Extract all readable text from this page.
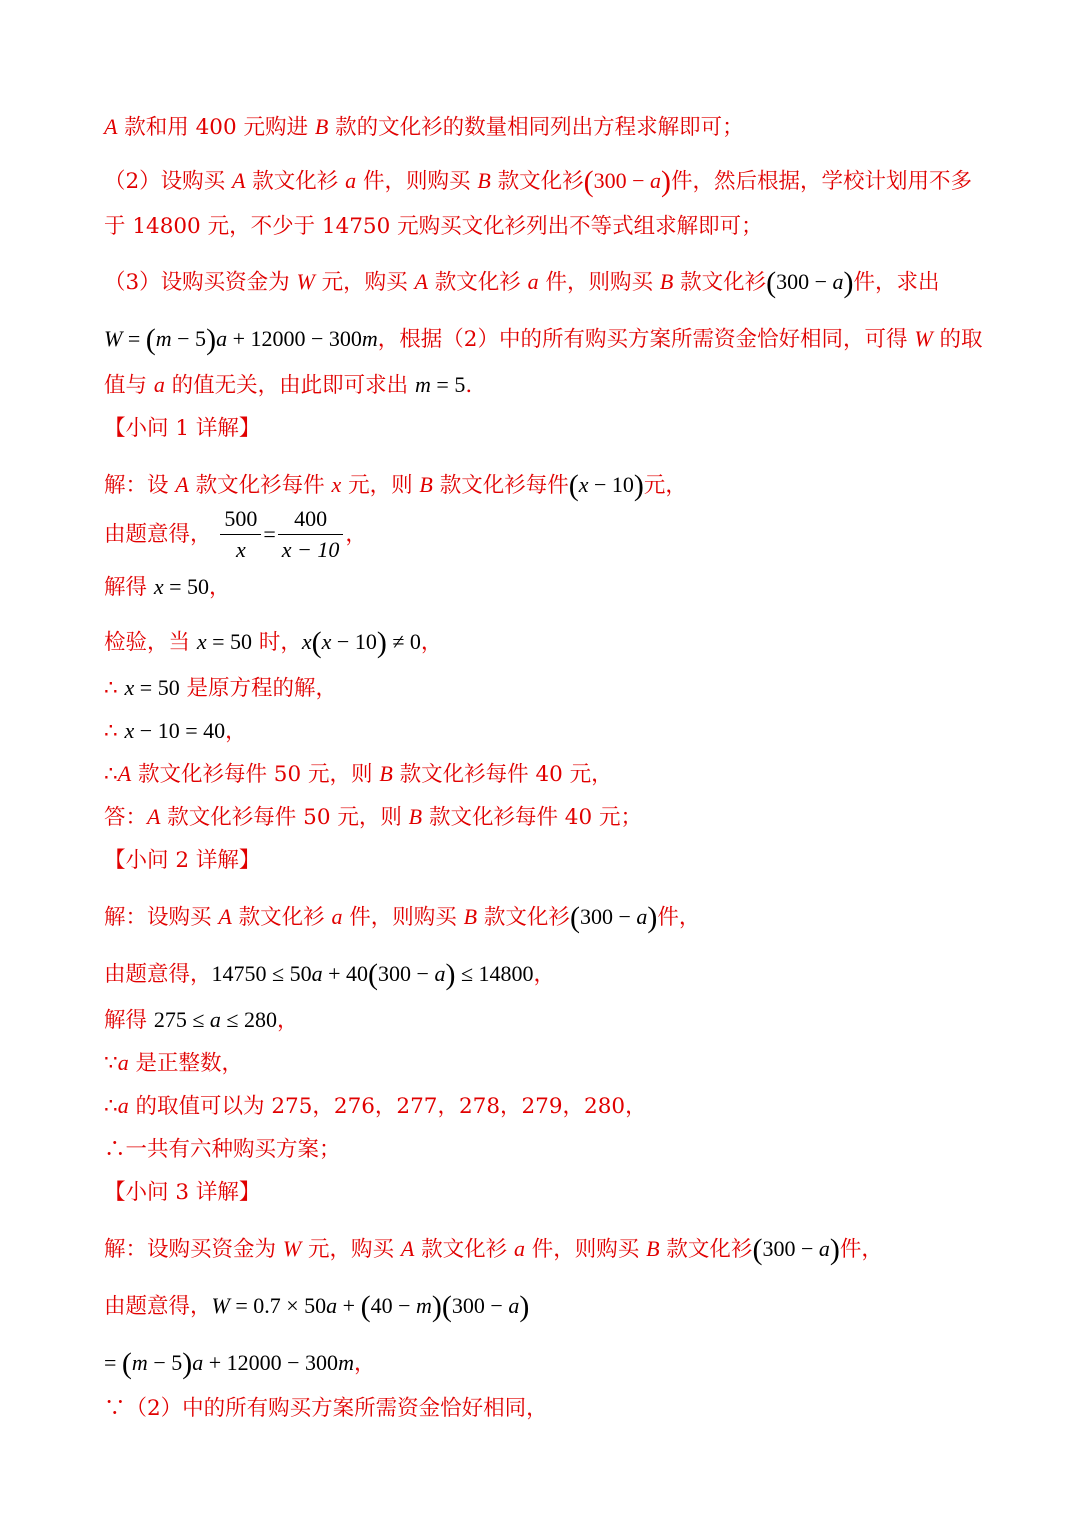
A 款和用 400 元购进 B 款的文化衫的数量相同列出方程求解即可；
（2）设购买 A 款文化衫 a 件，则购买 B 款文化衫(300 − a)件，然后根据，学校计划用不多
于 14800 元，不少于 14750 元购买文化衫列出不等式组求解即可；
（3）设购买资金为 W 元，购买 A 款文化衫 a 件，则购买 B 款文化衫(300 − a)件，求出
W = (m − 5)a + 12000 − 300m，根据（2）中的所有购买方案所需资金恰好相同，可得 W 的取
值与 a 的值无关，由此即可求出 m = 5.
【小问 1 详解】
解：设 A 款文化衫每件 x 元，则 B 款文化衫每件(x − 10)元，
由题意得， $\frac{500}{x} = \frac{400}{x - 10}$ ，
解得 x = 50，
检验，当 x = 50 时，x(x − 10) ≠ 0，
∴ x = 50 是原方程的解，
∴ x − 10 = 40，
∴A 款文化衫每件 50 元，则 B 款文化衫每件 40 元，
答：A 款文化衫每件 50 元，则 B 款文化衫每件 40 元；
【小问 2 详解】
解：设购买 A 款文化衫 a 件，则购买 B 款文化衫(300 − a)件，
由题意得，14750 ≤ 50a + 40(300 − a) ≤ 14800，
解得 275 ≤ a ≤ 280，
∵a 是正整数，
∴a 的取值可以为 275，276，277，278，279，280，
∴一共有六种购买方案；
【小问 3 详解】
解：设购买资金为 W 元，购买 A 款文化衫 a 件，则购买 B 款文化衫(300 − a)件，
由题意得，W = 0.7 × 50a + (40 − m)(300 − a)
= (m − 5)a + 12000 − 300m，
∵（2）中的所有购买方案所需资金恰好相同，
